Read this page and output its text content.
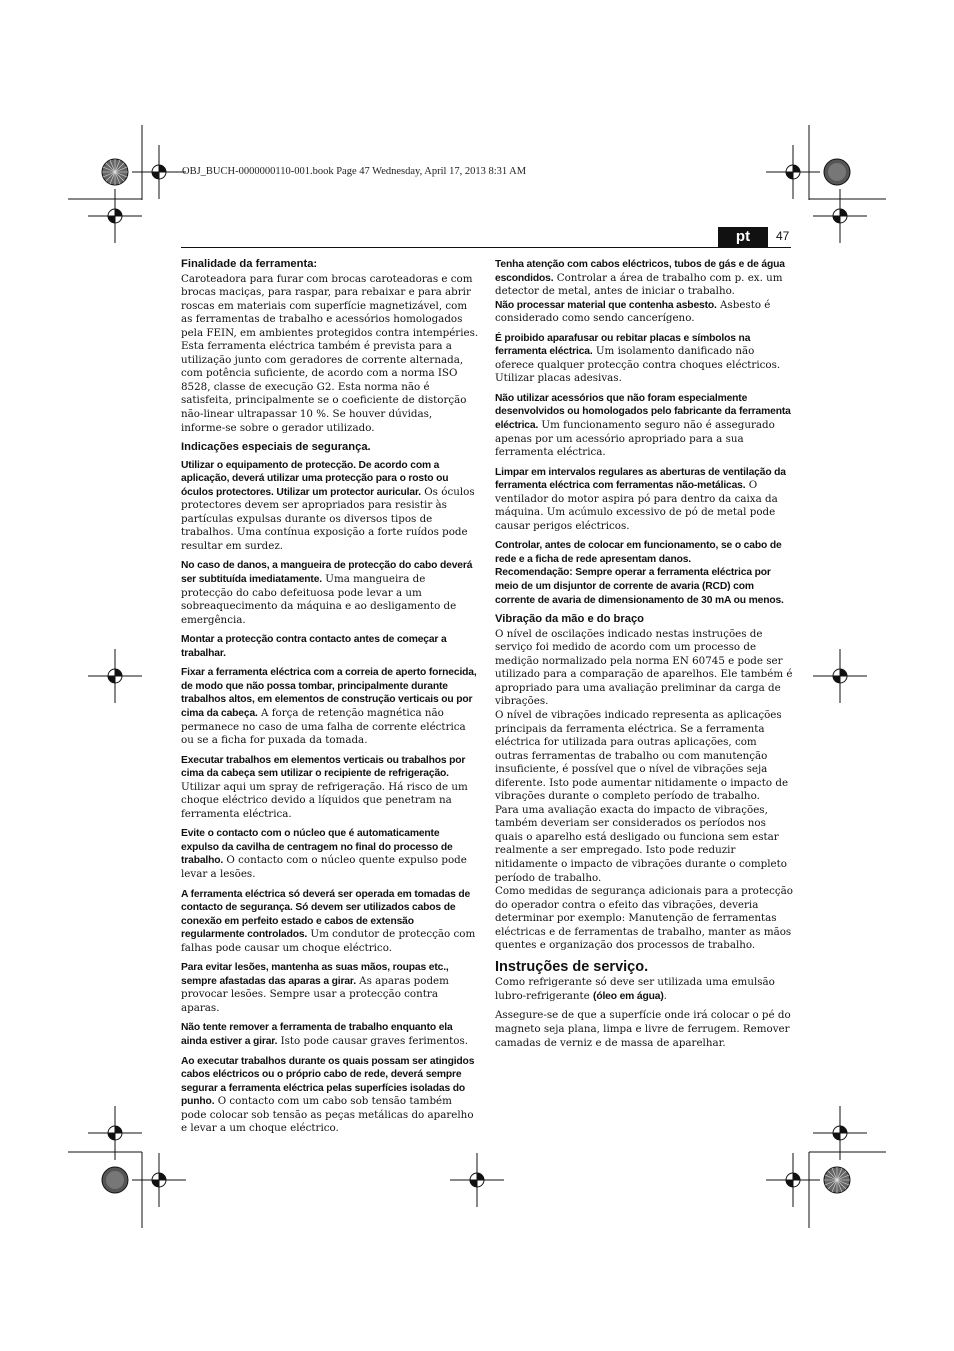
OBJ_BUCH-0000000110-001.book Page 47 Wednesday, April 17, 2013 8:31 AM
pt	47
Finalidade da ferramenta:

Caroteadora para furar com brocas caroteadoras e com brocas maciças, para raspar, para rebaixar e para abrir roscas em materiais com superfície magnetizável, com as ferramentas de trabalho e acessórios homologados pela FEIN, em ambientes protegidos contra intempéries.

Esta ferramenta eléctrica também é prevista para a utilização junto com geradores de corrente alternada, com potência suficiente, de acordo com a norma ISO 8528, classe de execução G2. Esta norma não é satisfeita, principalmente se o coeficiente de distorção não-linear ultrapassar 10 %. Se houver dúvidas, informe-se sobre o gerador utilizado.

Indicações especiais de segurança.

Utilizar o equipamento de protecção. De acordo com a aplicação, deverá utilizar uma protecção para o rosto ou óculos protectores. Utilizar um protector auricular. Os óculos protectores devem ser apropriados para resistir às partículas expulsas durante os diversos tipos de trabalhos. Uma contínua exposição a forte ruídos pode resultar em surdez.

No caso de danos, a mangueira de protecção do cabo deverá ser subtituída imediatamente. Uma mangueira de protecção do cabo defeituosa pode levar a um sobreaquecimento da máquina e ao desligamento de emergência.

Montar a protecção contra contacto antes de começar a trabalhar.

Fixar a ferramenta eléctrica com a correia de aperto fornecida, de modo que não possa tombar, principalmente durante trabalhos altos, em elementos de construção verticais ou por cima da cabeça. A força de retenção magnética não permanece no caso de uma falha de corrente eléctrica ou se a ficha for puxada da tomada.

Executar trabalhos em elementos verticais ou trabalhos por cima da cabeça sem utilizar o recipiente de refrigeração. Utilizar aqui um spray de refrigeração. Há risco de um choque eléctrico devido a líquidos que penetram na ferramenta eléctrica.

Evite o contacto com o núcleo que é automaticamente expulso da cavilha de centragem no final do processo de trabalho. O contacto com o núcleo quente expulso pode levar a lesões.

A ferramenta eléctrica só deverá ser operada em tomadas de contacto de segurança. Só devem ser utilizados cabos de conexão em perfeito estado e cabos de extensão regularmente controlados. Um condutor de protecção com falhas pode causar um choque eléctrico.

Para evitar lesões, mantenha as suas mãos, roupas etc., sempre afastadas das aparas a girar. As aparas podem provocar lesões. Sempre usar a protecção contra aparas.

Não tente remover a ferramenta de trabalho enquanto ela ainda estiver a girar. Isto pode causar graves ferimentos.

Ao executar trabalhos durante os quais possam ser atingidos cabos eléctricos ou o próprio cabo de rede, deverá sempre segurar a ferramenta eléctrica pelas superfícies isoladas do punho. O contacto com um cabo sob tensão também pode colocar sob tensão as peças metálicas do aparelho e levar a um choque eléctrico.

Tenha atenção com cabos eléctricos, tubos de gás e de água escondidos. Controlar a área de trabalho com p. ex. um detector de metal, antes de iniciar o trabalho.

Não processar material que contenha asbesto. Asbesto é considerado como sendo cancerígeno.

É proibido aparafusar ou rebitar placas e símbolos na ferramenta eléctrica. Um isolamento danificado não oferece qualquer protecção contra choques eléctricos. Utilizar placas adesivas.

Não utilizar acessórios que não foram especialmente desenvolvidos ou homologados pelo fabricante da ferramenta eléctrica. Um funcionamento seguro não é assegurado apenas por um acessório apropriado para a sua ferramenta eléctrica.

Limpar em intervalos regulares as aberturas de ventilação da ferramenta eléctrica com ferramentas não-metálicas. O ventilador do motor aspira pó para dentro da caixa da máquina. Um acúmulo excessivo de pó de metal pode causar perigos eléctricos.

Controlar, antes de colocar em funcionamento, se o cabo de rede e a ficha de rede apresentam danos.

Recomendação: Sempre operar a ferramenta eléctrica por meio de um disjuntor de corrente de avaria (RCD) com corrente de avaria de dimensionamento de 30 mA ou menos.

Vibração da mão e do braço

O nível de oscilações indicado nestas instruções de serviço foi medido de acordo com um processo de medição normalizado pela norma EN 60745 e pode ser utilizado para a comparação de aparelhos. Ele também é apropriado para uma avaliação preliminar da carga de vibrações.

O nível de vibrações indicado representa as aplicações principais da ferramenta eléctrica. Se a ferramenta eléctrica for utilizada para outras aplicações, com outras ferramentas de trabalho ou com manutenção insuficiente, é possível que o nível de vibrações seja diferente. Isto pode aumentar nitidamente o impacto de vibrações durante o completo período de trabalho.

Para uma avaliação exacta do impacto de vibrações, também deveriam ser considerados os períodos nos quais o aparelho está desligado ou funciona sem estar realmente a ser empregado. Isto pode reduzir nitidamente o impacto de vibrações durante o completo período de trabalho.

Como medidas de segurança adicionais para a protecção do operador contra o efeito das vibrações, deveria determinar por exemplo: Manutenção de ferramentas eléctricas e de ferramentas de trabalho, manter as mãos quentes e organização dos processos de trabalho.

Instruções de serviço.

Como refrigerante só deve ser utilizada uma emulsão lubro-refrigerante (óleo em água).

Assegure-se de que a superfície onde irá colocar o pé do magneto seja plana, limpa e livre de ferrugem. Remover camadas de verniz e de massa de aparelhar.
